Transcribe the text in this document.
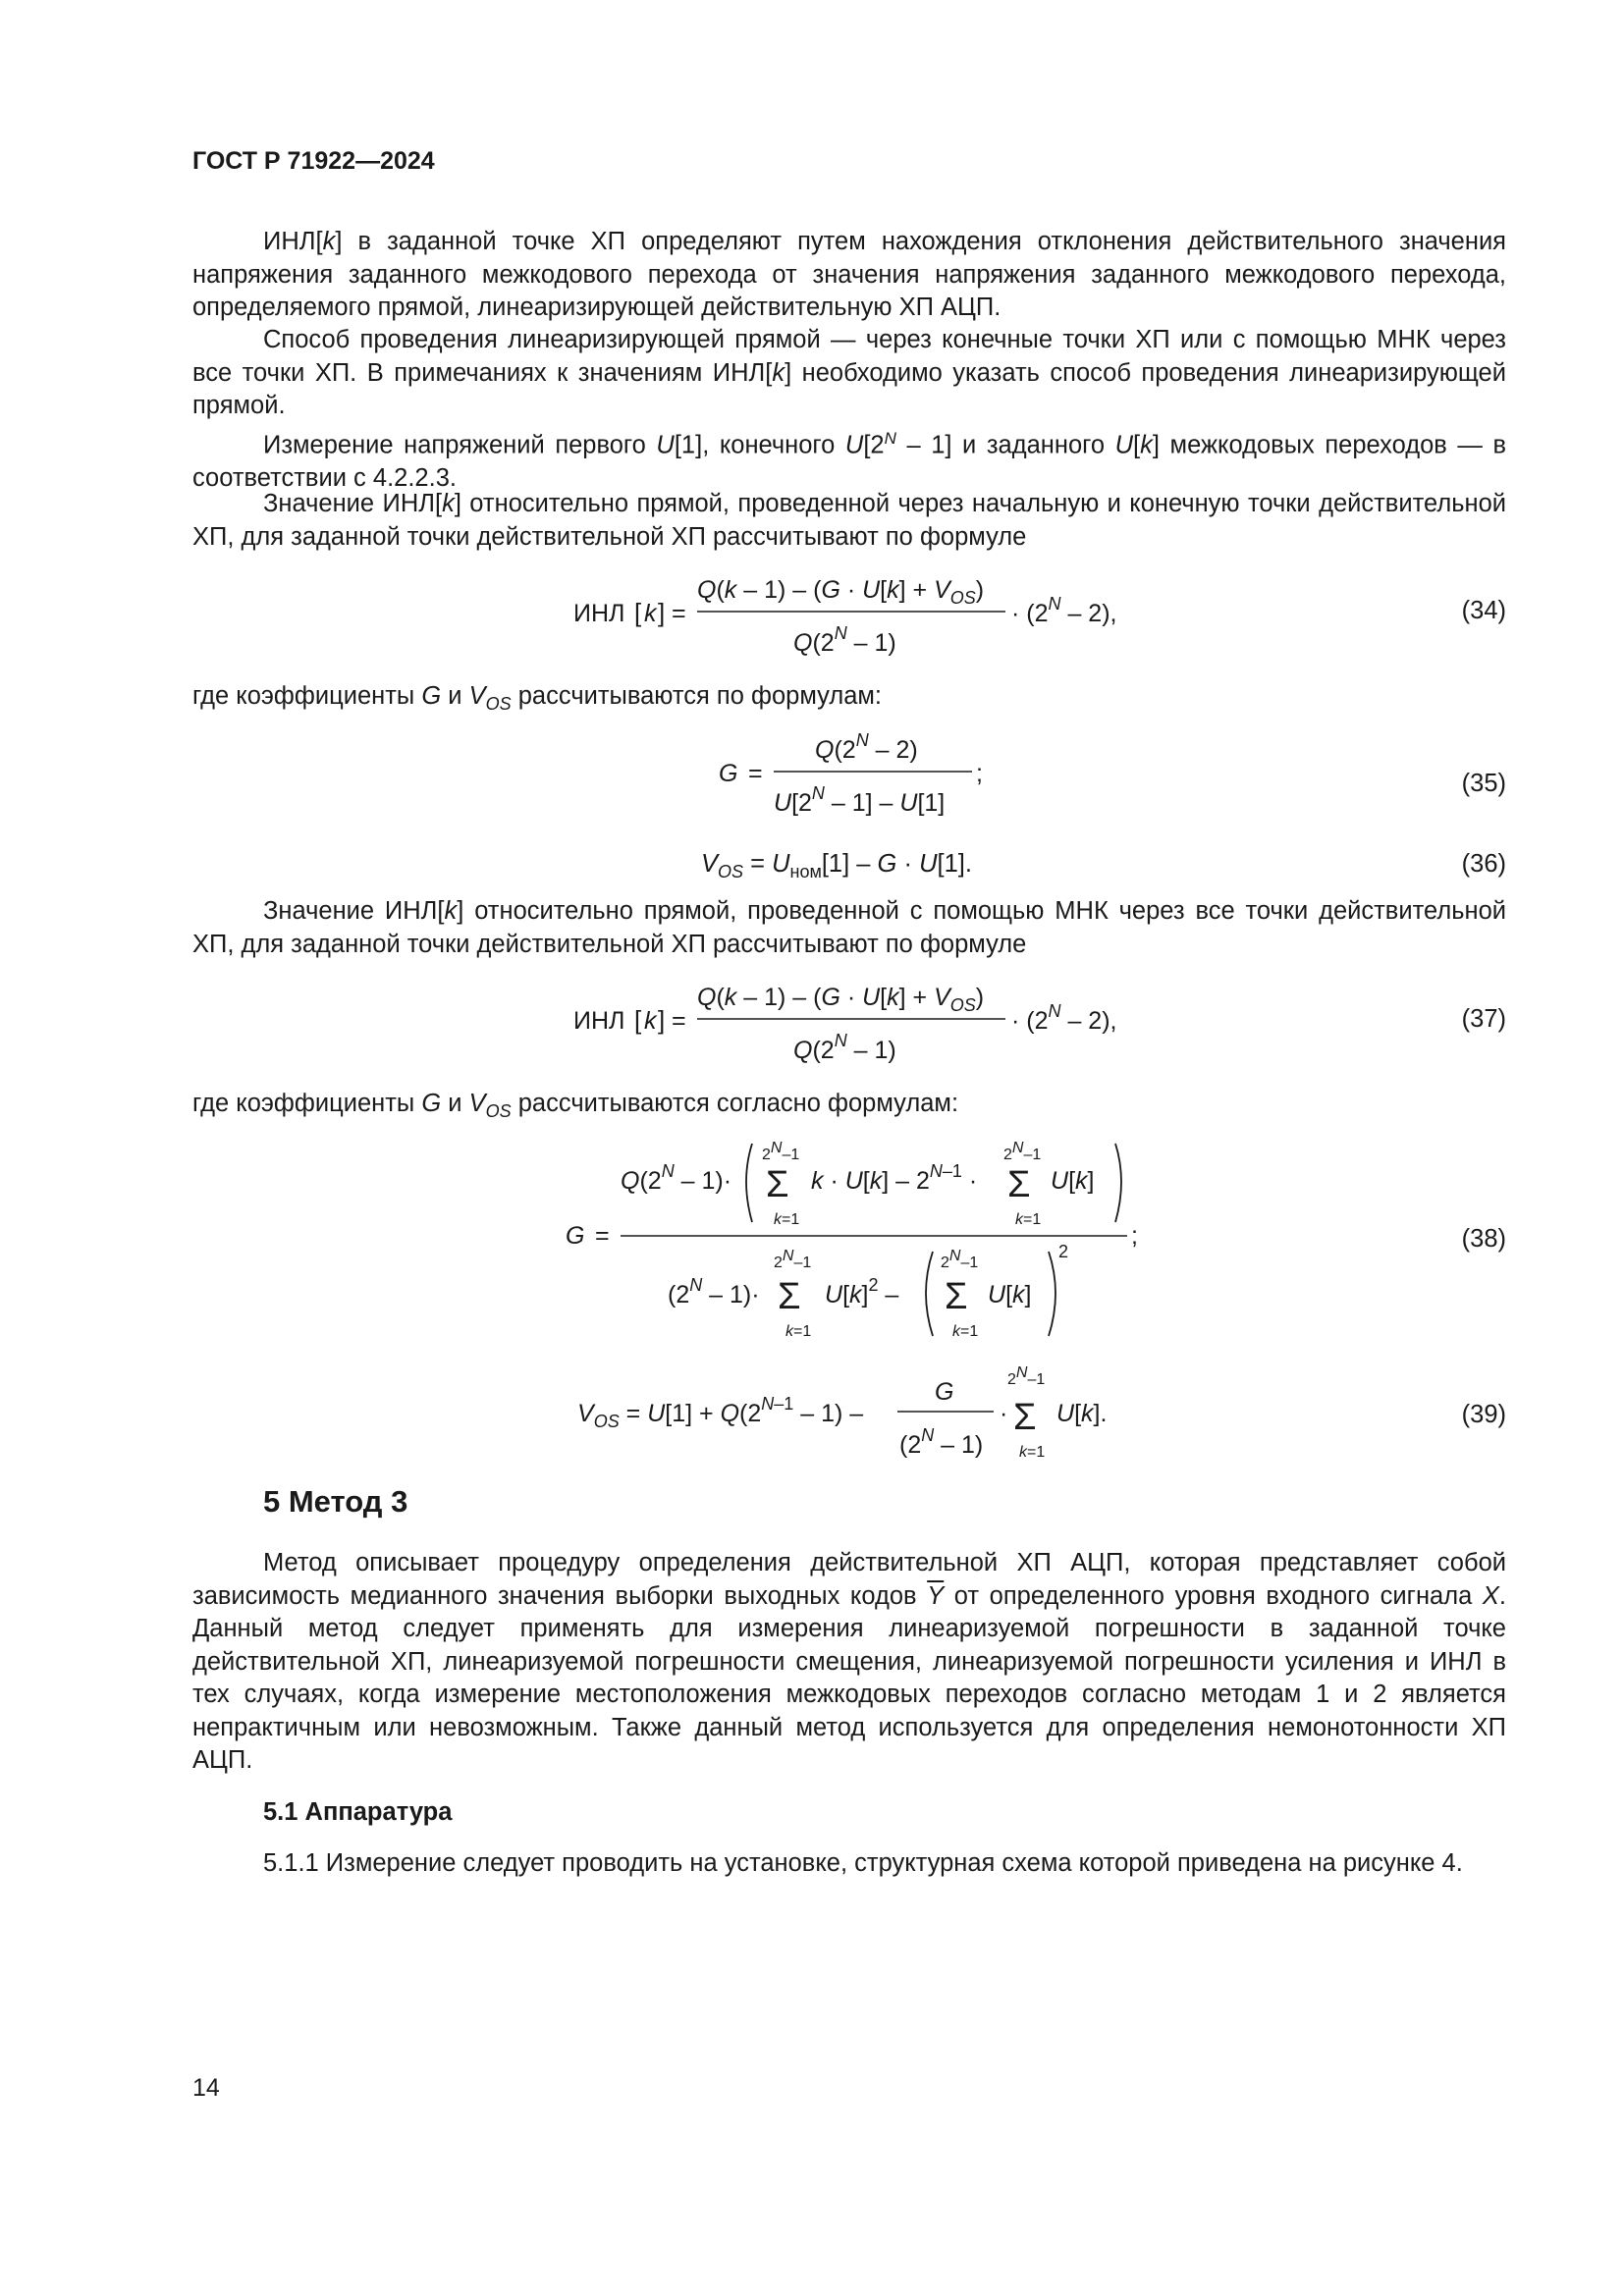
ГОСТ Р 71922—2024

ИНЛ[k] в заданной точке ХП определяют путем нахождения отклонения действительного значения напряжения заданного межкодового перехода от значения напряжения заданного межкодового перехода, определяемого прямой, линеаризирующей действительную ХП АЦП.

Способ проведения линеаризирующей прямой — через конечные точки ХП или с помощью МНК через все точки ХП. В примечаниях к значениям ИНЛ[k] необходимо указать способ проведения линеаризирующей прямой.

Измерение напряжений первого U[1], конечного $U[2^N - 1]$ и заданного U[k] межкодовых переходов — в соответствии с 4.2.2.3.

Значение ИНЛ[k] относительно прямой, проведенной через начальную и конечную точки действительной ХП, для заданной точки действительной ХП рассчитывают по формуле

ИНЛ [ k ] =
$Q(k - 1) - (G \cdot U[k] + V_{OS})$
$Q(2^N - 1)$
· $(2^N - 2)$,	(34)

где коэффициенты G и $V_{OS}$ рассчитываются по формулам:

G =
$Q(2^N - 2)$
$U[2^N - 1] - U[1]$
;	(35)
$V_{OS} = U_{ном}[1] - G \cdot U[1]$.	(36)

Значение ИНЛ[k] относительно прямой, проведенной с помощью МНК через все точки действительной ХП, для заданной точки действительной ХП рассчитывают по формуле

ИНЛ [ k ] =
$Q(k - 1) - (G \cdot U[k] + V_{OS})$
$Q(2^N - 1)$
· $(2^N - 2)$,	(37)

где коэффициенты G и $V_{OS}$ рассчитываются согласно формулам:

G =
$Q(2^N - 1)\cdot$
2N–1
Σ
k=1
$k \cdot U[k] - 2^{N-1}$ ·
2N–1
Σ
k=1
U[k]
;
$(2^N - 1)\cdot$
2N–1
Σ
k=1
$U[k]^2$ –
2N–1
Σ
k=1
U[k]
2	(38)
$V_{OS} = U[1] + Q(2^{N-1} - 1)$ –
G
$(2^N - 1)$
·
2N–1
Σ
k=1
U[k].	(39)
5 Метод 3

Метод описывает процедуру определения действительной ХП АЦП, которая представляет собой зависимость медианного значения выборки выходных кодов $\overline{Y}$ от определенного уровня входного сигнала X. Данный метод следует применять для измерения линеаризуемой погрешности в заданной точке действительной ХП, линеаризуемой погрешности смещения, линеаризуемой погрешности усиления и ИНЛ в тех случаях, когда измерение местоположения межкодовых переходов согласно методам 1 и 2 является непрактичным или невозможным. Также данный метод используется для определения немонотонности ХП АЦП.

5.1 Аппаратура

5.1.1 Измерение следует проводить на установке, структурная схема которой приведена на рисунке 4.

14
